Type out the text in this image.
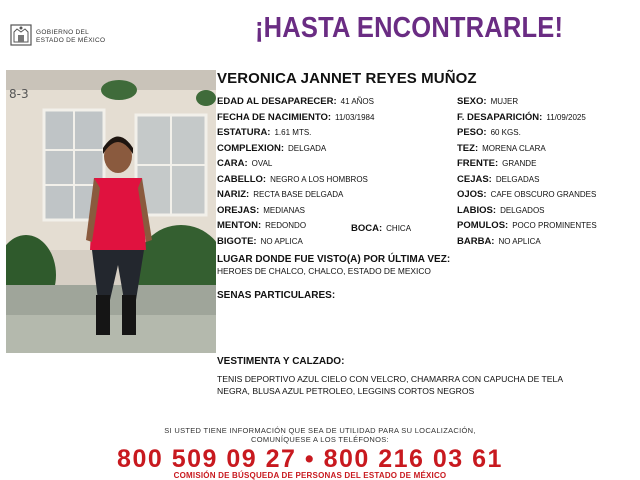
GOBIERNO DEL
ESTADO DE MÉXICO	¡HASTA ENCONTRARLE!
8-3
VERONICA JANNET REYES MUÑOZ
EDAD AL DESAPARECER: 41 AÑOS
FECHA DE NACIMIENTO: 11/03/1984
ESTATURA: 1.61 MTS.
COMPLEXION: DELGADA
CARA: OVAL
CABELLO: NEGRO A LOS HOMBROS
NARIZ: RECTA BASE DELGADA
OREJAS: MEDIANAS
MENTON: REDONDO
BIGOTE: NO APLICA
BOCA: CHICA
SEXO: MUJER
F. DESAPARICIÓN: 11/09/2025
PESO: 60 KGS.
TEZ: MORENA CLARA
FRENTE: GRANDE
CEJAS: DELGADAS
OJOS: CAFE OBSCURO GRANDES
LABIOS: DELGADOS
POMULOS: POCO PROMINENTES
BARBA: NO APLICA
LUGAR DONDE FUE VISTO(A) POR ÚLTIMA VEZ:
HEROES DE CHALCO, CHALCO, ESTADO DE MEXICO
SENAS PARTICULARES:
VESTIMENTA Y CALZADO:
TENIS DEPORTIVO AZUL CIELO CON VELCRO, CHAMARRA CON CAPUCHA DE TELA
NEGRA, BLUSA AZUL PETROLEO, LEGGINS CORTOS NEGROS
SI USTED TIENE INFORMACIÓN QUE SEA DE UTILIDAD PARA SU LOCALIZACIÓN,
COMUNÍQUESE A LOS TELÉFONOS:
800 509 09 27 • 800 216 03 61
COMISIÓN DE BÚSQUEDA DE PERSONAS DEL ESTADO DE MÉXICO
